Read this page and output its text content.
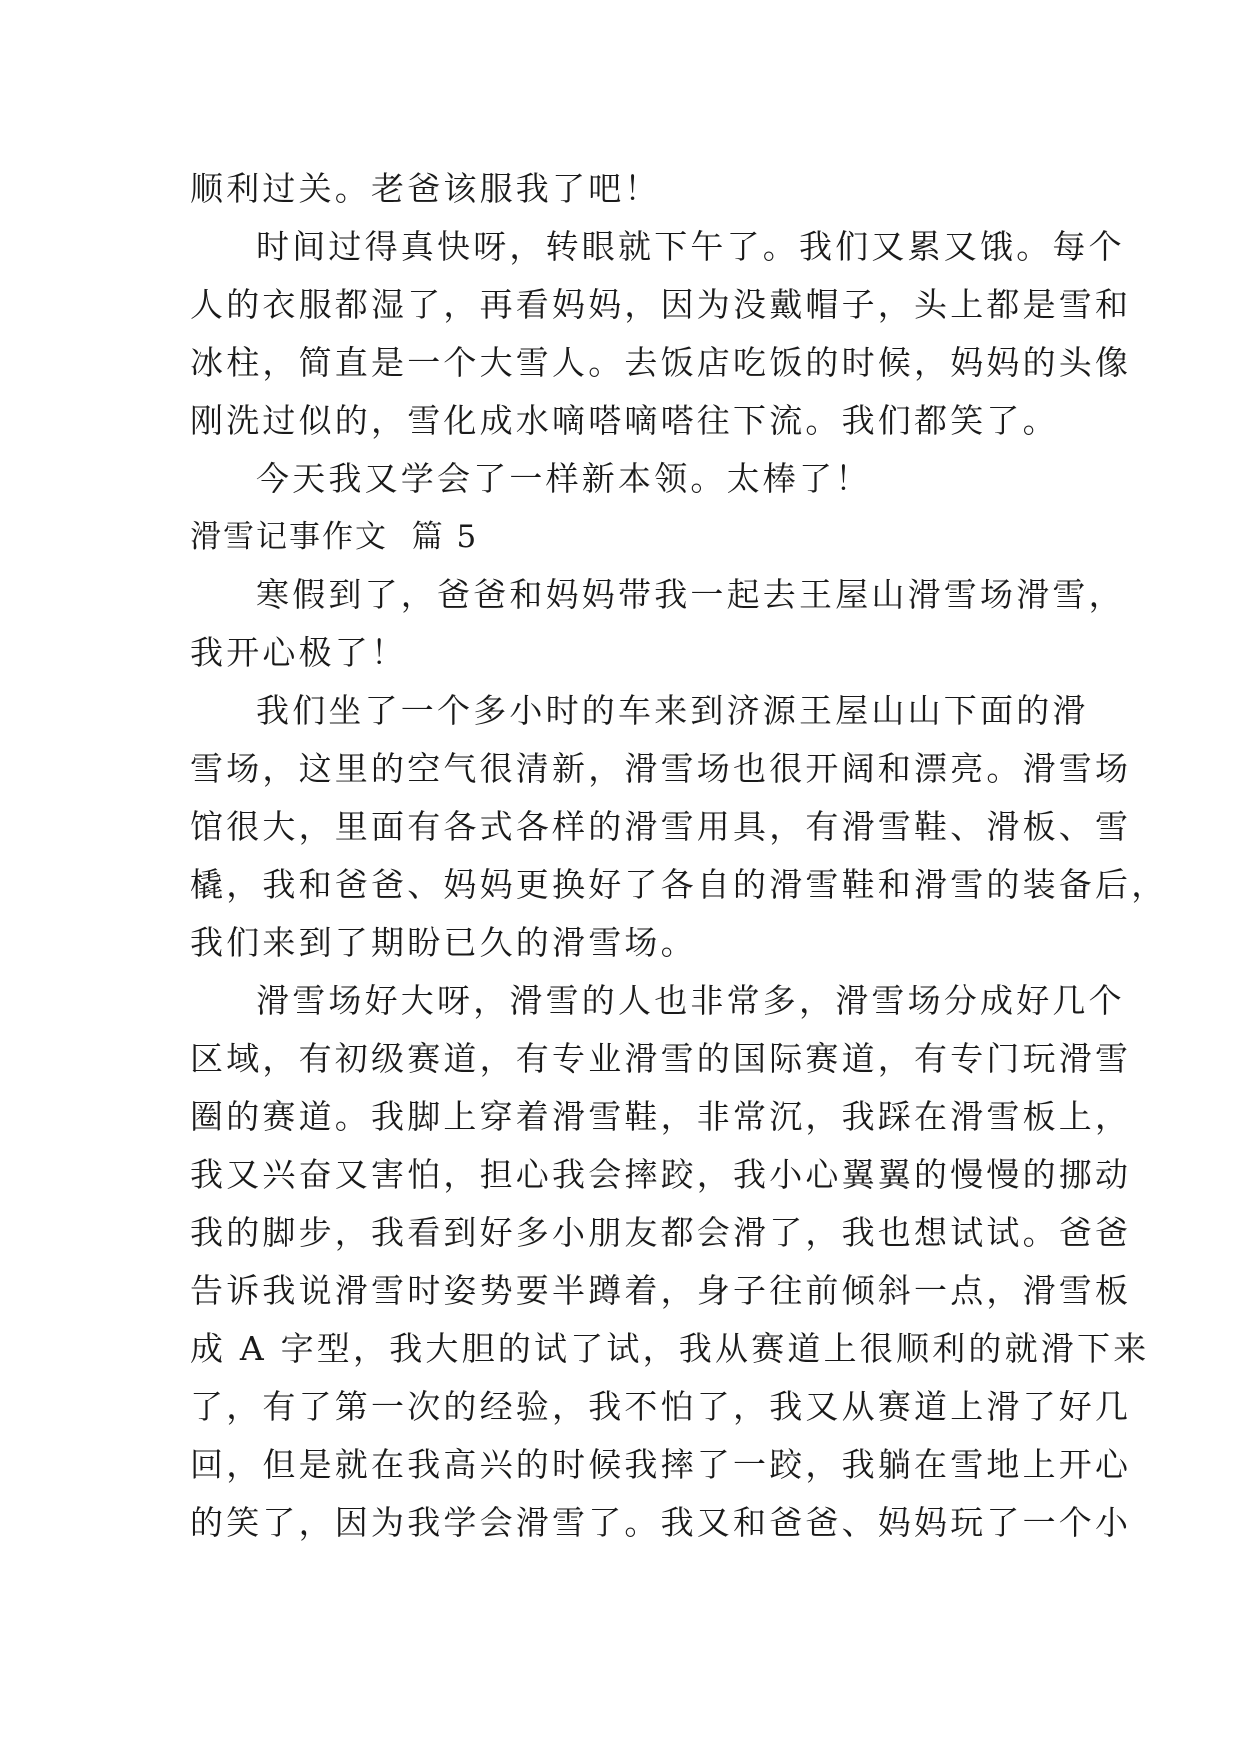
顺利过关。老爸该服我了吧！
时间过得真快呀，转眼就下午了。我们又累又饿。每个
人的衣服都湿了，再看妈妈，因为没戴帽子，头上都是雪和
冰柱，简直是一个大雪人。去饭店吃饭的时候，妈妈的头像
刚洗过似的，雪化成水嘀嗒嘀嗒往下流。我们都笑了。
今天我又学会了一样新本领。太棒了！
滑雪记事作文  篇 5
寒假到了，爸爸和妈妈带我一起去王屋山滑雪场滑雪，
我开心极了！
我们坐了一个多小时的车来到济源王屋山山下面的滑
雪场，这里的空气很清新，滑雪场也很开阔和漂亮。滑雪场
馆很大，里面有各式各样的滑雪用具，有滑雪鞋、滑板、雪
橇，我和爸爸、妈妈更换好了各自的滑雪鞋和滑雪的装备后，
我们来到了期盼已久的滑雪场。
滑雪场好大呀，滑雪的人也非常多，滑雪场分成好几个
区域，有初级赛道，有专业滑雪的国际赛道，有专门玩滑雪
圈的赛道。我脚上穿着滑雪鞋，非常沉，我踩在滑雪板上，
我又兴奋又害怕，担心我会摔跤，我小心翼翼的慢慢的挪动
我的脚步，我看到好多小朋友都会滑了，我也想试试。爸爸
告诉我说滑雪时姿势要半蹲着，身子往前倾斜一点，滑雪板
成 A 字型，我大胆的试了试，我从赛道上很顺利的就滑下来
了，有了第一次的经验，我不怕了，我又从赛道上滑了好几
回，但是就在我高兴的时候我摔了一跤，我躺在雪地上开心
的笑了，因为我学会滑雪了。我又和爸爸、妈妈玩了一个小
